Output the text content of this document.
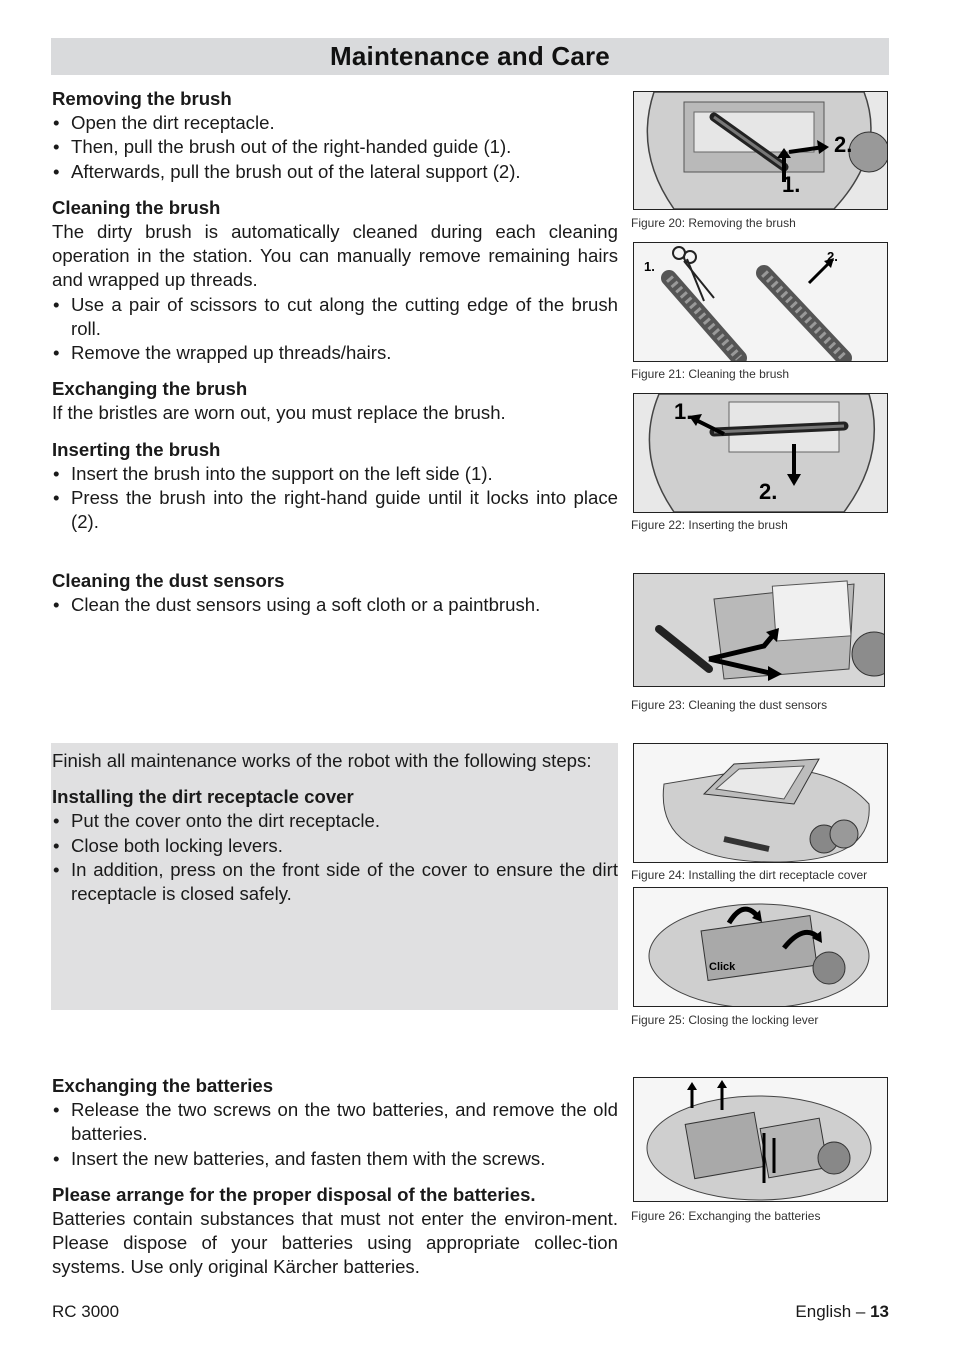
Maintenance and Care
Removing the brush
• Open the dirt receptacle.
• Then, pull the brush out of the right-handed guide (1).
• Afterwards, pull the brush out of the lateral support (2).
Cleaning the brush

The dirty brush is automatically cleaned during each cleaning operation in the station. You can manually remove remaining hairs and wrapped up threads.

• Use a pair of scissors to cut along the cutting edge of the brush roll.
• Remove the wrapped up threads/hairs.
Exchanging the brush

If the bristles are worn out, you must replace the brush.

Inserting the brush
• Insert the brush into the support on the left side (1).
• Press the brush into the right-hand guide until it locks into place (2).
Cleaning the dust sensors
• Clean the dust sensors using a soft cloth or a paintbrush.

Finish all maintenance works of the robot with the following steps:

Installing the dirt receptacle cover
• Put the cover onto the dirt receptacle.
• Close both locking levers.
• In addition, press on the front side of the cover to ensure the dirt receptacle is closed safely.
Exchanging the batteries
• Release the two screws on the two batteries, and remove the old batteries.
• Insert the new batteries, and fasten them with the screws.
Please arrange for the proper disposal of the batteries.

Batteries contain substances that must not enter the environ-ment. Please dispose of your batteries using appropriate collec-tion systems. Use only original Kärcher batteries.

2.
1.
Figure 20: Removing the brush
1.
2.
Figure 21: Cleaning the brush
1.
2.
Figure 22: Inserting the brush
Figure 23: Cleaning the dust sensors
Figure 24: Installing the dirt receptacle cover
Click
Figure 25: Closing the locking lever
Figure 26: Exchanging the batteries
RC 3000	English – 13
